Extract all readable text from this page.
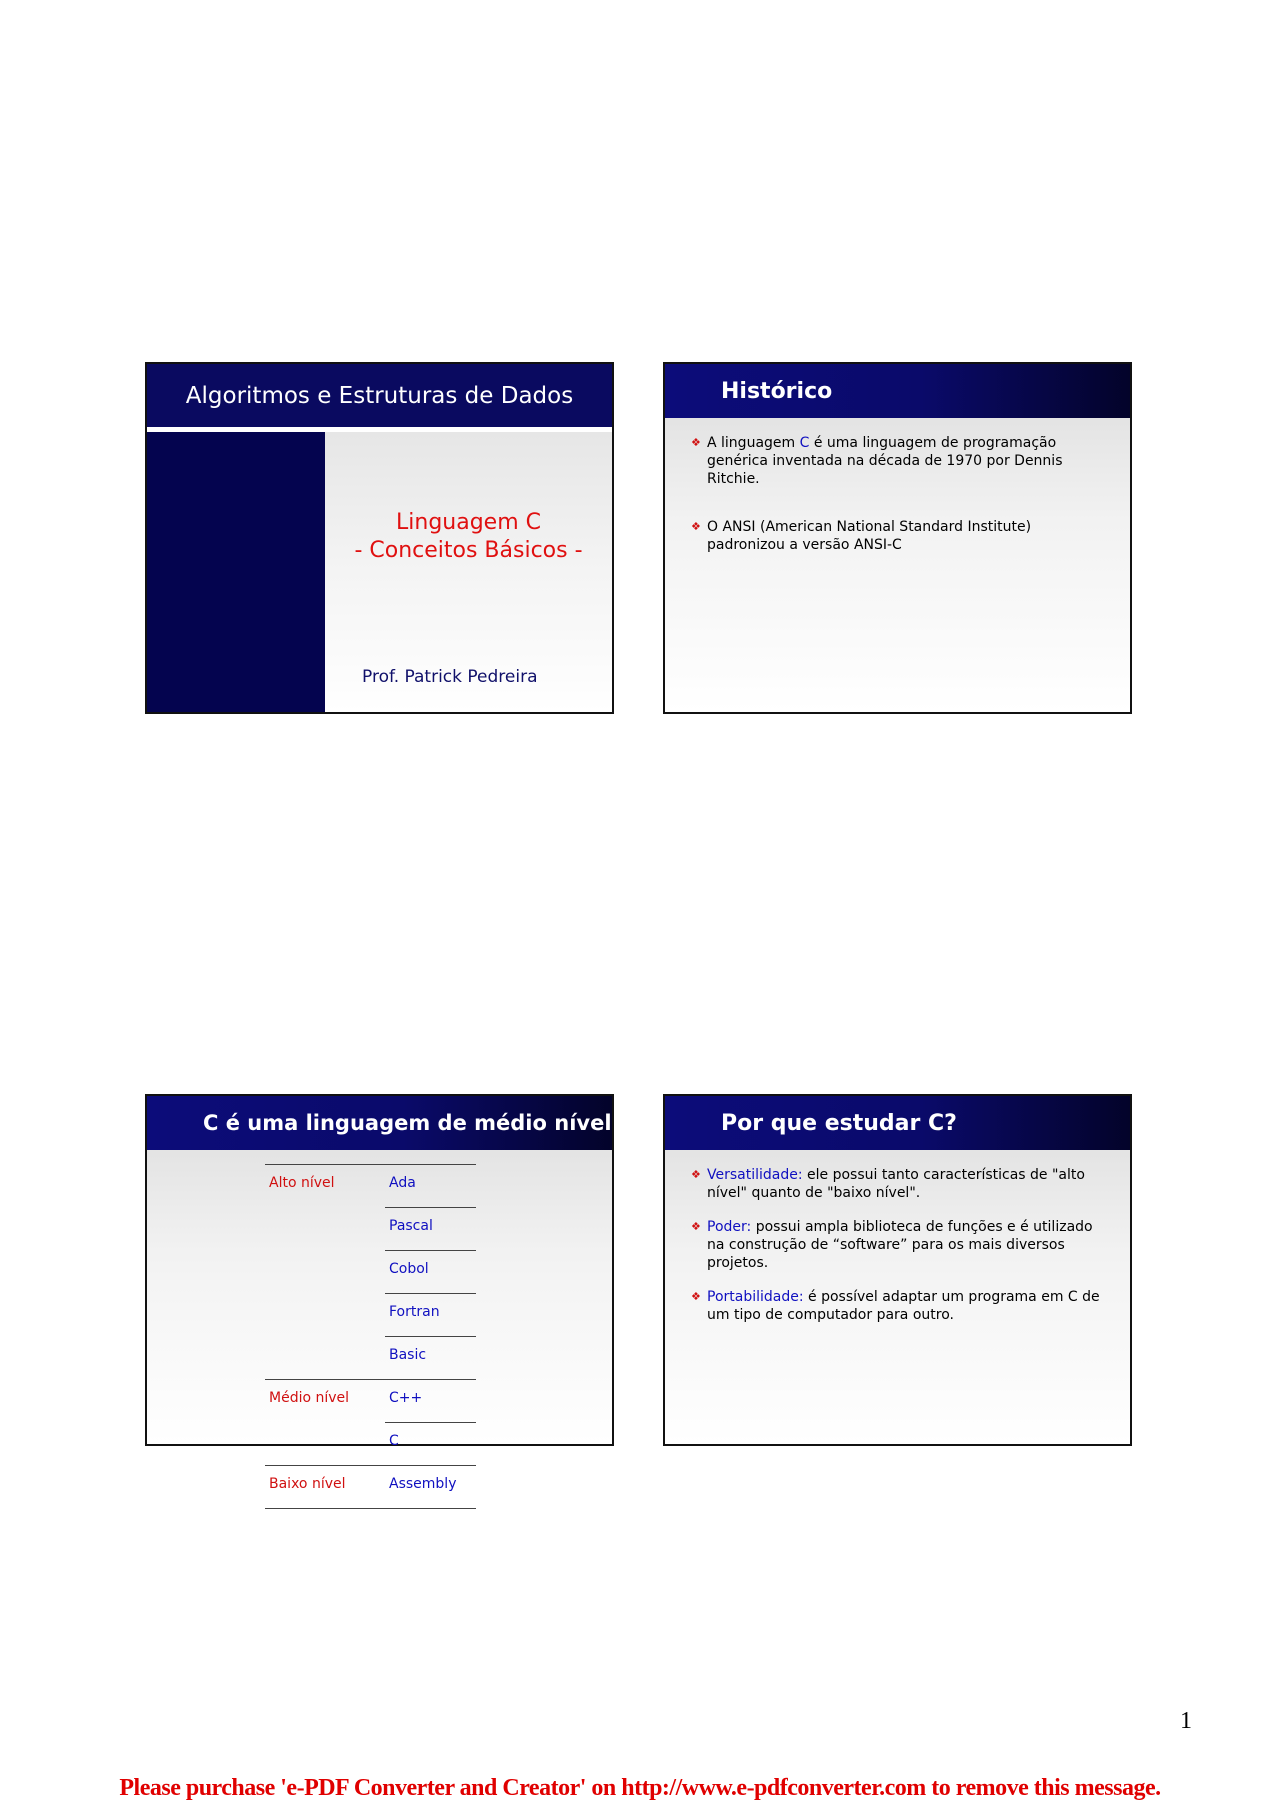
Algoritmos e Estruturas de Dados
Linguagem C
- Conceitos Básicos -
Prof. Patrick Pedreira
Histórico
❖ A linguagem C é uma linguagem de programação genérica inventada na década de 1970 por Dennis Ritchie.
❖ O ANSI (American National Standard Institute) padronizou a versão ANSI-C
C é uma linguagem de médio nível
Alto nível	Ada
	Pascal
	Cobol
	Fortran
	Basic
Médio nível	C++
	C
Baixo nível	Assembly
Por que estudar C?
❖ Versatilidade: ele possui tanto características de "alto nível" quanto de "baixo nível".
❖ Poder: possui ampla biblioteca de funções e é utilizado na construção de “software” para os mais diversos projetos.
❖ Portabilidade: é possível adaptar um programa em C de um tipo de computador para outro.
1
Please purchase 'e-PDF Converter and Creator' on http://www.e-pdfconverter.com to remove this message.
